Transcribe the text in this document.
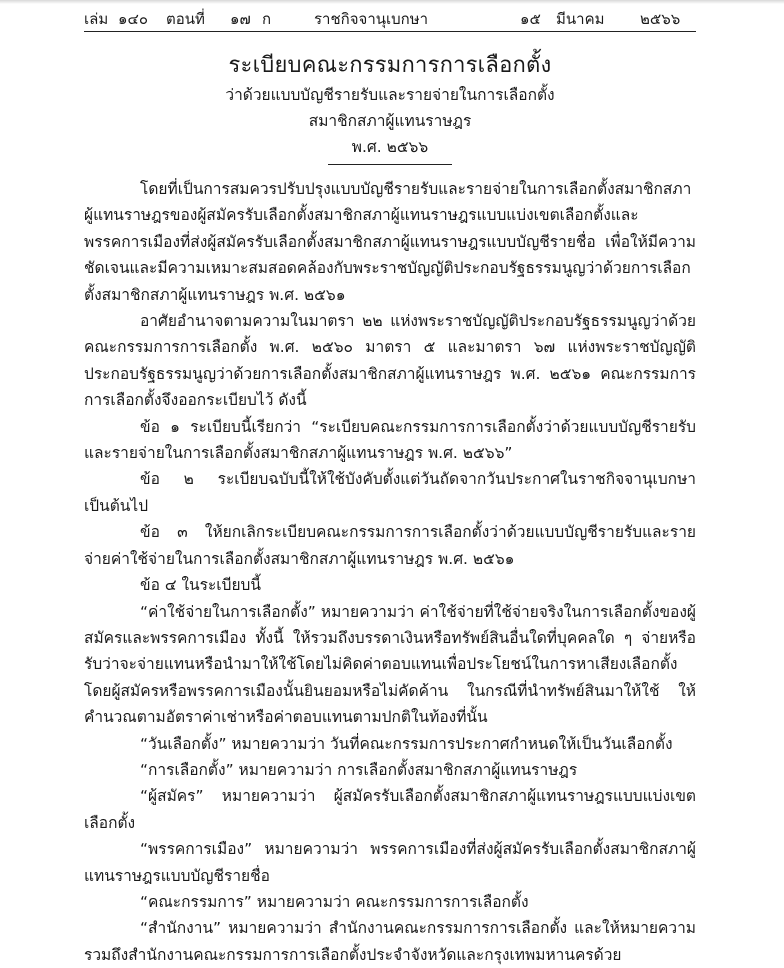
เล่ม ๑๔๐ ตอนที่ ๑๗ ก	ราชกิจจานุเบกษา	๑๕ มีนาคม ๒๕๖๖
ระเบียบคณะกรรมการการเลือกตั้ง
ว่าด้วยแบบบัญชีรายรับและรายจ่ายในการเลือกตั้ง
สมาชิกสภาผู้แทนราษฎร
พ.ศ. ๒๕๖๖

โดยที่เป็นการสมควรปรับปรุงแบบบัญชีรายรับและรายจ่ายในการเลือกตั้งสมาชิกสภาผู้แทนราษฎรของผู้สมัครรับเลือกตั้งสมาชิกสภาผู้แทนราษฎรแบบแบ่งเขตเลือกตั้งและพรรคการเมืองที่ส่งผู้สมัครรับเลือกตั้งสมาชิกสภาผู้แทนราษฎรแบบบัญชีรายชื่อ เพื่อให้มีความชัดเจนและมีความเหมาะสมสอดคล้องกับพระราชบัญญัติประกอบรัฐธรรมนูญว่าด้วยการเลือกตั้งสมาชิกสภาผู้แทนราษฎร พ.ศ. ๒๕๖๑

อาศัยอำนาจตามความในมาตรา ๒๒ แห่งพระราชบัญญัติประกอบรัฐธรรมนูญว่าด้วยคณะกรรมการการเลือกตั้ง พ.ศ. ๒๕๖๐ มาตรา ๕ และมาตรา ๖๗ แห่งพระราชบัญญัติประกอบรัฐธรรมนูญว่าด้วยการเลือกตั้งสมาชิกสภาผู้แทนราษฎร พ.ศ. ๒๕๖๑ คณะกรรมการการเลือกตั้งจึงออกระเบียบไว้ ดังนี้

ข้อ ๑ ระเบียบนี้เรียกว่า “ระเบียบคณะกรรมการการเลือกตั้งว่าด้วยแบบบัญชีรายรับและรายจ่ายในการเลือกตั้งสมาชิกสภาผู้แทนราษฎร พ.ศ. ๒๕๖๖”

ข้อ ๒ ระเบียบฉบับนี้ให้ใช้บังคับตั้งแต่วันถัดจากวันประกาศในราชกิจจานุเบกษาเป็นต้นไป

ข้อ ๓ ให้ยกเลิกระเบียบคณะกรรมการการเลือกตั้งว่าด้วยแบบบัญชีรายรับและรายจ่ายค่าใช้จ่ายในการเลือกตั้งสมาชิกสภาผู้แทนราษฎร พ.ศ. ๒๕๖๑

ข้อ ๔ ในระเบียบนี้

“ค่าใช้จ่ายในการเลือกตั้ง” หมายความว่า ค่าใช้จ่ายที่ใช้จ่ายจริงในการเลือกตั้งของผู้สมัครและพรรคการเมือง ทั้งนี้ ให้รวมถึงบรรดาเงินหรือทรัพย์สินอื่นใดที่บุคคลใด ๆ จ่ายหรือรับว่าจะจ่ายแทนหรือนำมาให้ใช้โดยไม่คิดค่าตอบแทนเพื่อประโยชน์ในการหาเสียงเลือกตั้ง โดยผู้สมัครหรือพรรคการเมืองนั้นยินยอมหรือไม่คัดค้าน ในกรณีที่นำทรัพย์สินมาให้ใช้ ให้คำนวณตามอัตราค่าเช่าหรือค่าตอบแทนตามปกติในท้องที่นั้น

“วันเลือกตั้ง” หมายความว่า วันที่คณะกรรมการประกาศกำหนดให้เป็นวันเลือกตั้ง

“การเลือกตั้ง” หมายความว่า การเลือกตั้งสมาชิกสภาผู้แทนราษฎร

“ผู้สมัคร” หมายความว่า ผู้สมัครรับเลือกตั้งสมาชิกสภาผู้แทนราษฎรแบบแบ่งเขตเลือกตั้ง

“พรรคการเมือง” หมายความว่า พรรคการเมืองที่ส่งผู้สมัครรับเลือกตั้งสมาชิกสภาผู้แทนราษฎรแบบบัญชีรายชื่อ

“คณะกรรมการ” หมายความว่า คณะกรรมการการเลือกตั้ง

“สำนักงาน” หมายความว่า สำนักงานคณะกรรมการการเลือกตั้ง และให้หมายความรวมถึงสำนักงานคณะกรรมการการเลือกตั้งประจำจังหวัดและกรุงเทพมหานครด้วย
